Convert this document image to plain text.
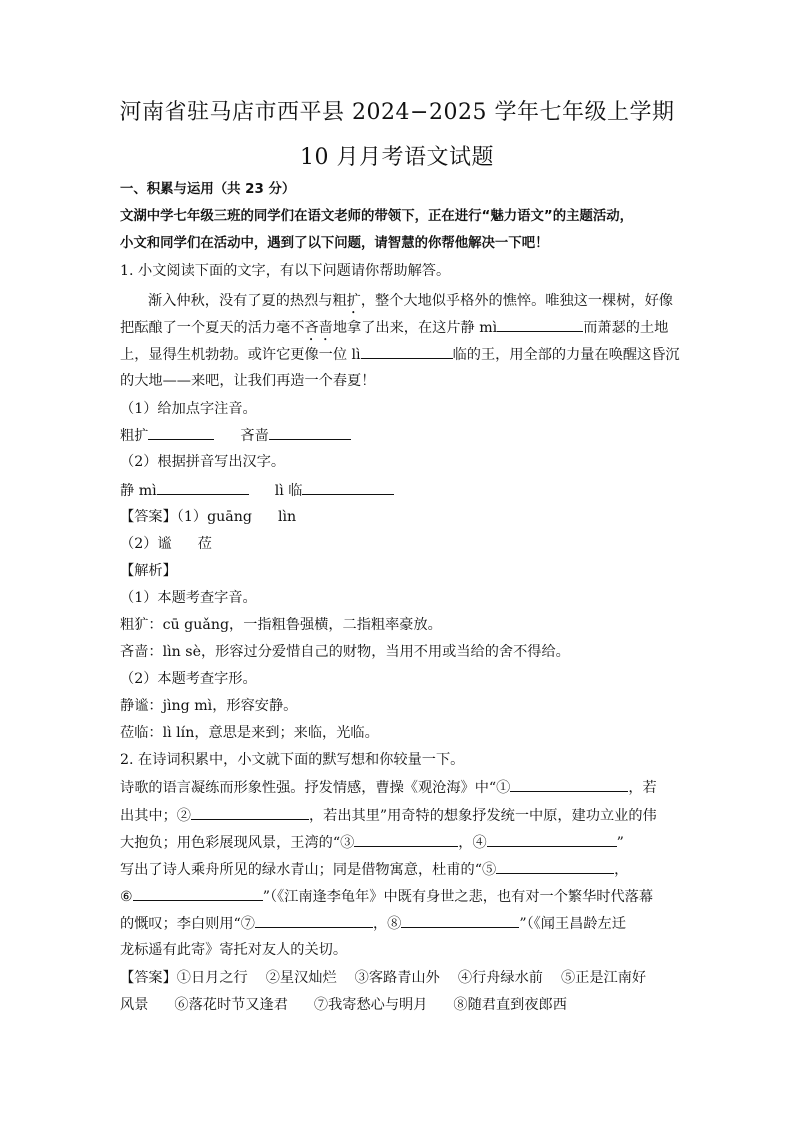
河南省驻马店市西平县 2024−2025 学年七年级上学期
10 月月考语文试题
一、积累与运用（共 23 分）
文湖中学七年级三班的同学们在语文老师的带领下，正在进行“魅力语文”的主题活动，
小文和同学们在活动中，遇到了以下问题，请智慧的你帮他解决一下吧！
1. 小文阅读下面的文字，有以下问题请你帮助解答。
渐入仲秋，没有了夏的热烈与粗扩，整个大地似乎格外的憔悴。唯独这一棵树，好像
把酝酿了一个夏天的活力毫不吝啬地拿了出来，在这片静 mì	而萧瑟的土地
上，显得生机勃勃。或许它更像一位 lì	临的王，用全部的力量在唤醒这昏沉
的大地——来吧，让我们再造一个春夏！
（1）给加点字注音。
粗扩	吝啬
（2）根据拼音写出汉字。
静 mì	lì 临
【答案】（1）guāng lìn
（2）谧 莅
【解析】
（1）本题考查字音。
粗犷：cū guǎng，一指粗鲁强横，二指粗率豪放。
吝啬：lìn sè，形容过分爱惜自己的财物，当用不用或当给的舍不得给。
（2）本题考查字形。
静谧：jìng mì，形容安静。
莅临：lì lín，意思是来到；来临，光临。
2. 在诗词积累中，小文就下面的默写想和你较量一下。
诗歌的语言凝练而形象性强。抒发情感，曹操《观沧海》中“①	，若
出其中；②	，若出其里”用奇特的想象抒发统一中原，建功立业的伟
大抱负；用色彩展现风景，王湾的“③	，④	”
写出了诗人乘舟所见的绿水青山；同是借物寓意，杜甫的“⑤	，
⑥	”（《江南逢李龟年》中既有身世之悲，也有对一个繁华时代落幕
的慨叹；李白则用“⑦	，⑧	”（《闻王昌龄左迁
龙标遥有此寄》寄托对友人的关切。
【答案】①日月之行 ②星汉灿烂 ③客路青山外 ④行舟绿水前 ⑤正是江南好
风景 ⑥落花时节又逢君 ⑦我寄愁心与明月 ⑧随君直到夜郎西
